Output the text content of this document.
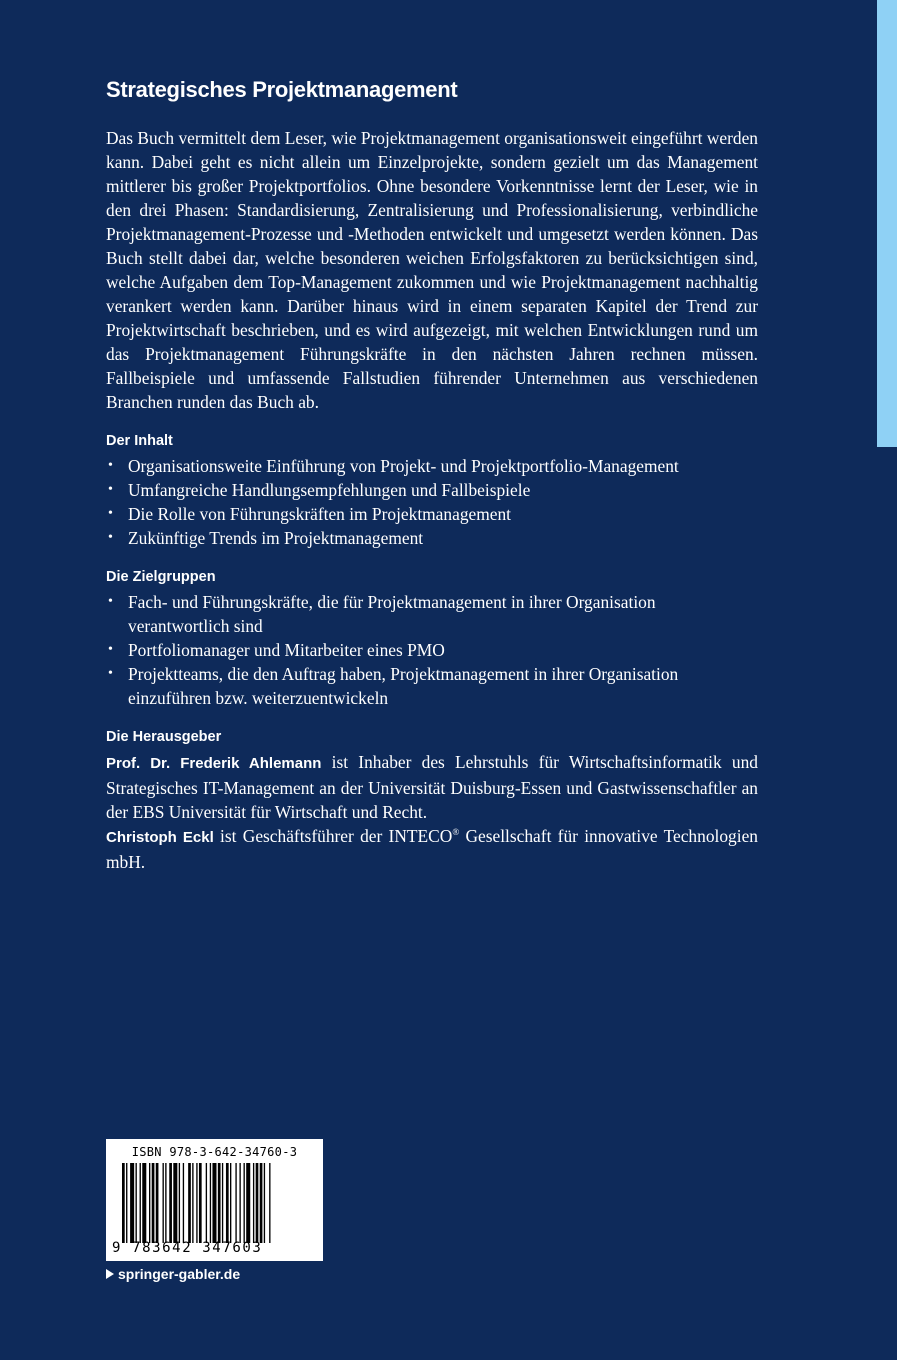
Strategisches Projektmanagement

Das Buch vermittelt dem Leser, wie Projektmanagement organisationsweit eingeführt werden kann. Dabei geht es nicht allein um Einzelprojekte, sondern gezielt um das Management mittlerer bis großer Projektportfolios. Ohne besondere Vorkenntnisse lernt der Leser, wie in den drei Phasen: Standardisierung, Zentralisierung und Professionalisierung, verbindliche Projektmanagement-Prozesse und -Methoden entwickelt und umgesetzt werden können. Das Buch stellt dabei dar, welche besonderen weichen Erfolgsfaktoren zu berücksichtigen sind, welche Aufgaben dem Top-Management zukommen und wie Projektmanagement nachhaltig verankert werden kann. Darüber hinaus wird in einem separaten Kapitel der Trend zur Projektwirtschaft beschrieben, und es wird aufgezeigt, mit welchen Entwicklungen rund um das Projektmanagement Führungskräfte in den nächsten Jahren rechnen müssen. Fallbeispiele und umfassende Fallstudien führender Unternehmen aus verschiedenen Branchen runden das Buch ab.

Der Inhalt
• Organisationsweite Einführung von Projekt- und Projektportfolio-Management
• Umfangreiche Handlungsempfehlungen und Fallbeispiele
• Die Rolle von Führungskräften im Projektmanagement
• Zukünftige Trends im Projektmanagement
Die Zielgruppen
• Fach- und Führungskräfte, die für Projektmanagement in ihrer Organisation verantwortlich sind
• Portfoliomanager und Mitarbeiter eines PMO
• Projektteams, die den Auftrag haben, Projektmanagement in ihrer Organisation einzuführen bzw. weiterzuentwickeln
Die Herausgeber

Prof. Dr. Frederik Ahlemann ist Inhaber des Lehrstuhls für Wirtschaftsinformatik und Strategisches IT-Management an der Universität Duisburg-Essen und Gastwissenschaftler an der EBS Universität für Wirtschaft und Recht.

Christoph Eckl ist Geschäftsführer der INTECO® Gesellschaft für innovative Technologien mbH.

ISBN 978-3-642-34760-3
9 783642 347603
springer-gabler.de
